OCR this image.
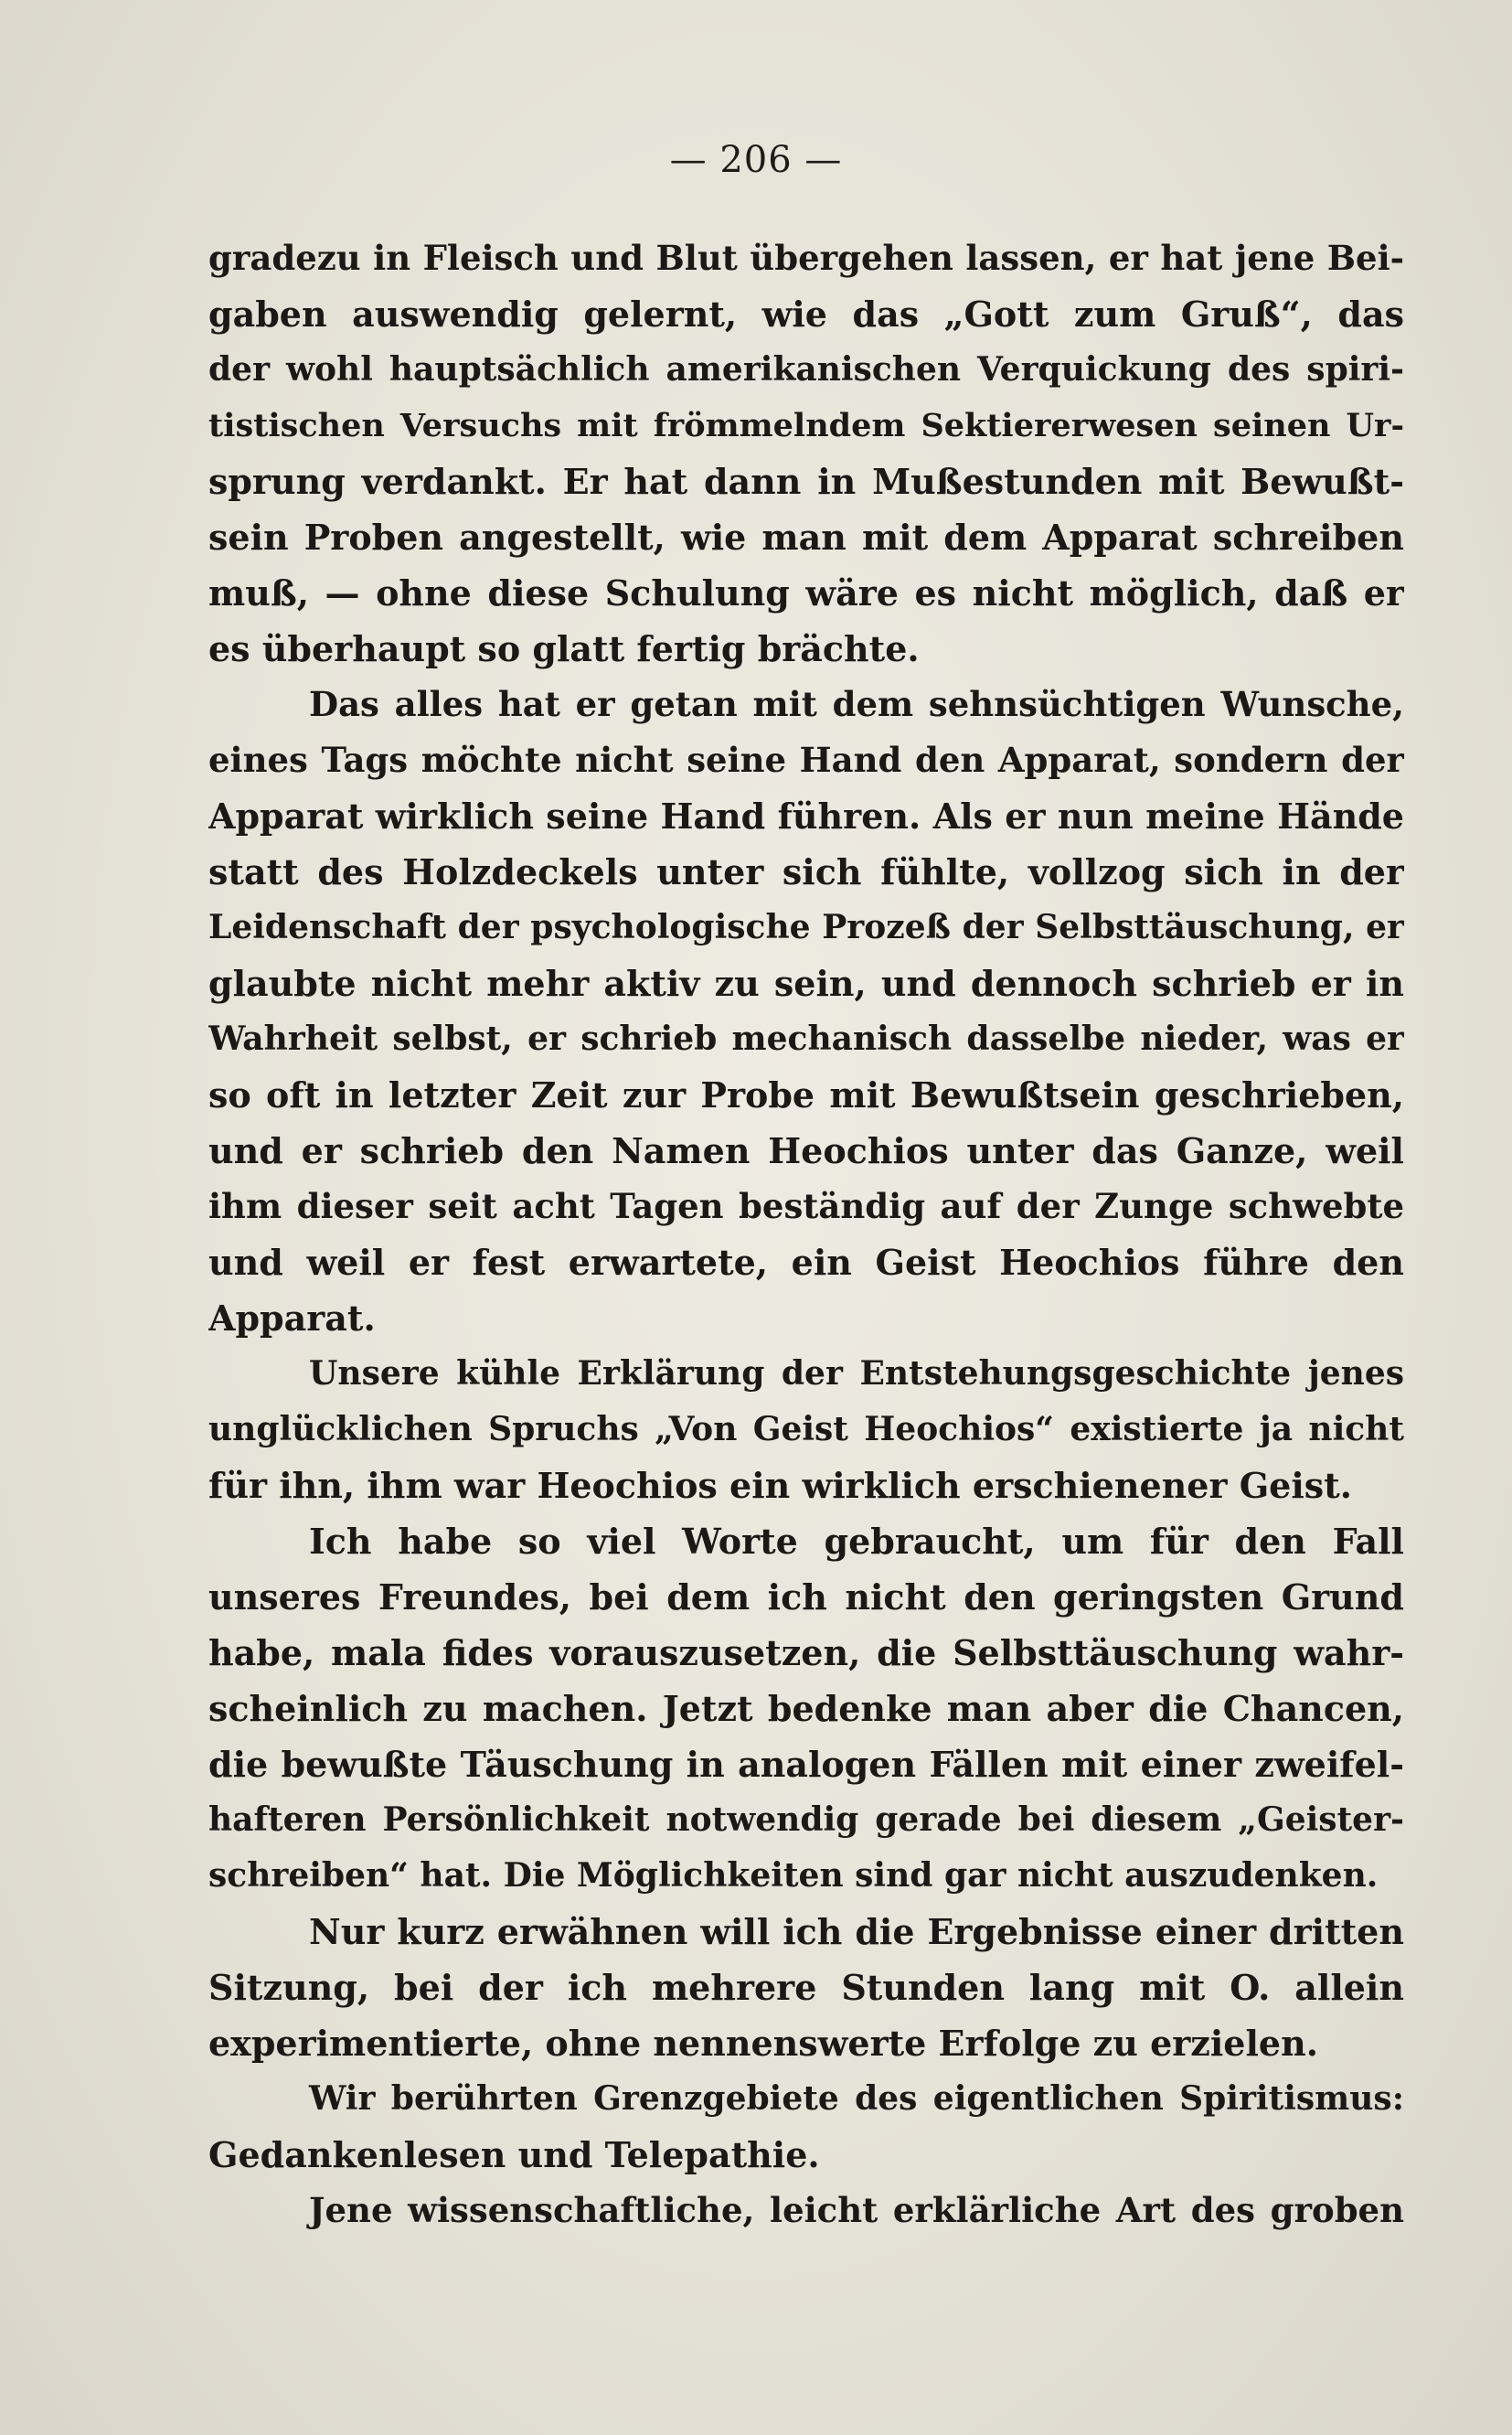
— 206 —
gradezu in Fleisch und Blut übergehen lassen, er hat jene Bei-
gaben auswendig gelernt, wie das „Gott zum Gruß“, das
der wohl hauptsächlich amerikanischen Verquickung des spiri-
tistischen Versuchs mit frömmelndem Sektiererwesen seinen Ur-
sprung verdankt. Er hat dann in Mußestunden mit Bewußt-
sein Proben angestellt, wie man mit dem Apparat schreiben
muß, — ohne diese Schulung wäre es nicht möglich, daß er
es überhaupt so glatt fertig brächte.
Das alles hat er getan mit dem sehnsüchtigen Wunsche,
eines Tags möchte nicht seine Hand den Apparat, sondern der
Apparat wirklich seine Hand führen. Als er nun meine Hände
statt des Holzdeckels unter sich fühlte, vollzog sich in der
Leidenschaft der psychologische Prozeß der Selbsttäuschung, er
glaubte nicht mehr aktiv zu sein, und dennoch schrieb er in
Wahrheit selbst, er schrieb mechanisch dasselbe nieder, was er
so oft in letzter Zeit zur Probe mit Bewußtsein geschrieben,
und er schrieb den Namen Heochios unter das Ganze, weil
ihm dieser seit acht Tagen beständig auf der Zunge schwebte
und weil er fest erwartete, ein Geist Heochios führe den
Apparat.
Unsere kühle Erklärung der Entstehungsgeschichte jenes
unglücklichen Spruchs „Von Geist Heochios“ existierte ja nicht
für ihn, ihm war Heochios ein wirklich erschienener Geist.
Ich habe so viel Worte gebraucht, um für den Fall
unseres Freundes, bei dem ich nicht den geringsten Grund
habe, mala fides vorauszusetzen, die Selbsttäuschung wahr-
scheinlich zu machen. Jetzt bedenke man aber die Chancen,
die bewußte Täuschung in analogen Fällen mit einer zweifel-
hafteren Persönlichkeit notwendig gerade bei diesem „Geister-
schreiben“ hat. Die Möglichkeiten sind gar nicht auszudenken.
Nur kurz erwähnen will ich die Ergebnisse einer dritten
Sitzung, bei der ich mehrere Stunden lang mit O. allein
experimentierte, ohne nennenswerte Erfolge zu erzielen.
Wir berührten Grenzgebiete des eigentlichen Spiritismus:
Gedankenlesen und Telepathie.
Jene wissenschaftliche, leicht erklärliche Art des groben
